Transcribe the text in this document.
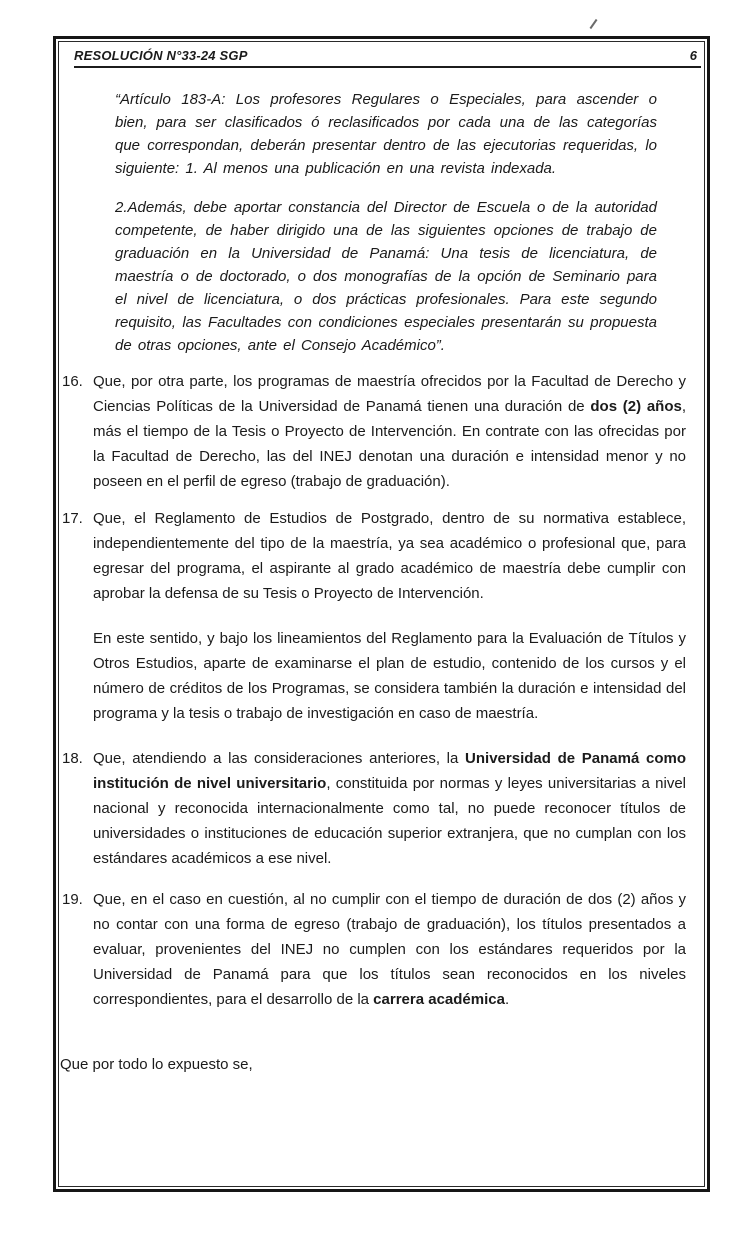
RESOLUCIÓN N°33-24 SGP	6
“Artículo 183-A: Los profesores Regulares o Especiales, para ascender o bien, para ser clasificados ó reclasificados por cada una de las categorías que correspondan, deberán presentar dentro de las ejecutorias requeridas, lo siguiente: 1. Al menos una publicación en una revista indexada.
2.Además, debe aportar constancia del Director de Escuela o de la autoridad competente, de haber dirigido una de las siguientes opciones de trabajo de graduación en la Universidad de Panamá: Una tesis de licenciatura, de maestría o de doctorado, o dos monografías de la opción de Seminario para el nivel de licenciatura, o dos prácticas profesionales. Para este segundo requisito, las Facultades con condiciones especiales presentarán su propuesta de otras opciones, ante el Consejo Académico”.
16. Que, por otra parte, los programas de maestría ofrecidos por la Facultad de Derecho y Ciencias Políticas de la Universidad de Panamá tienen una duración de dos (2) años, más el tiempo de la Tesis o Proyecto de Intervención. En contrate con las ofrecidas por la Facultad de Derecho, las del INEJ denotan una duración e intensidad menor y no poseen en el perfil de egreso (trabajo de graduación).
17. Que, el Reglamento de Estudios de Postgrado, dentro de su normativa establece, independientemente del tipo de la maestría, ya sea académico o profesional que, para egresar del programa, el aspirante al grado académico de maestría debe cumplir con aprobar la defensa de su Tesis o Proyecto de Intervención.
En este sentido, y bajo los lineamientos del Reglamento para la Evaluación de Títulos y Otros Estudios, aparte de examinarse el plan de estudio, contenido de los cursos y el número de créditos de los Programas, se considera también la duración e intensidad del programa y la tesis o trabajo de investigación en caso de maestría.
18. Que, atendiendo a las consideraciones anteriores, la Universidad de Panamá como institución de nivel universitario, constituida por normas y leyes universitarias a nivel nacional y reconocida internacionalmente como tal, no puede reconocer títulos de universidades o instituciones de educación superior extranjera, que no cumplan con los estándares académicos a ese nivel.
19. Que, en el caso en cuestión, al no cumplir con el tiempo de duración de dos (2) años y no contar con una forma de egreso (trabajo de graduación), los títulos presentados a evaluar, provenientes del INEJ no cumplen con los estándares requeridos por la Universidad de Panamá para que los títulos sean reconocidos en los niveles correspondientes, para el desarrollo de la carrera académica.
Que por todo lo expuesto se,
